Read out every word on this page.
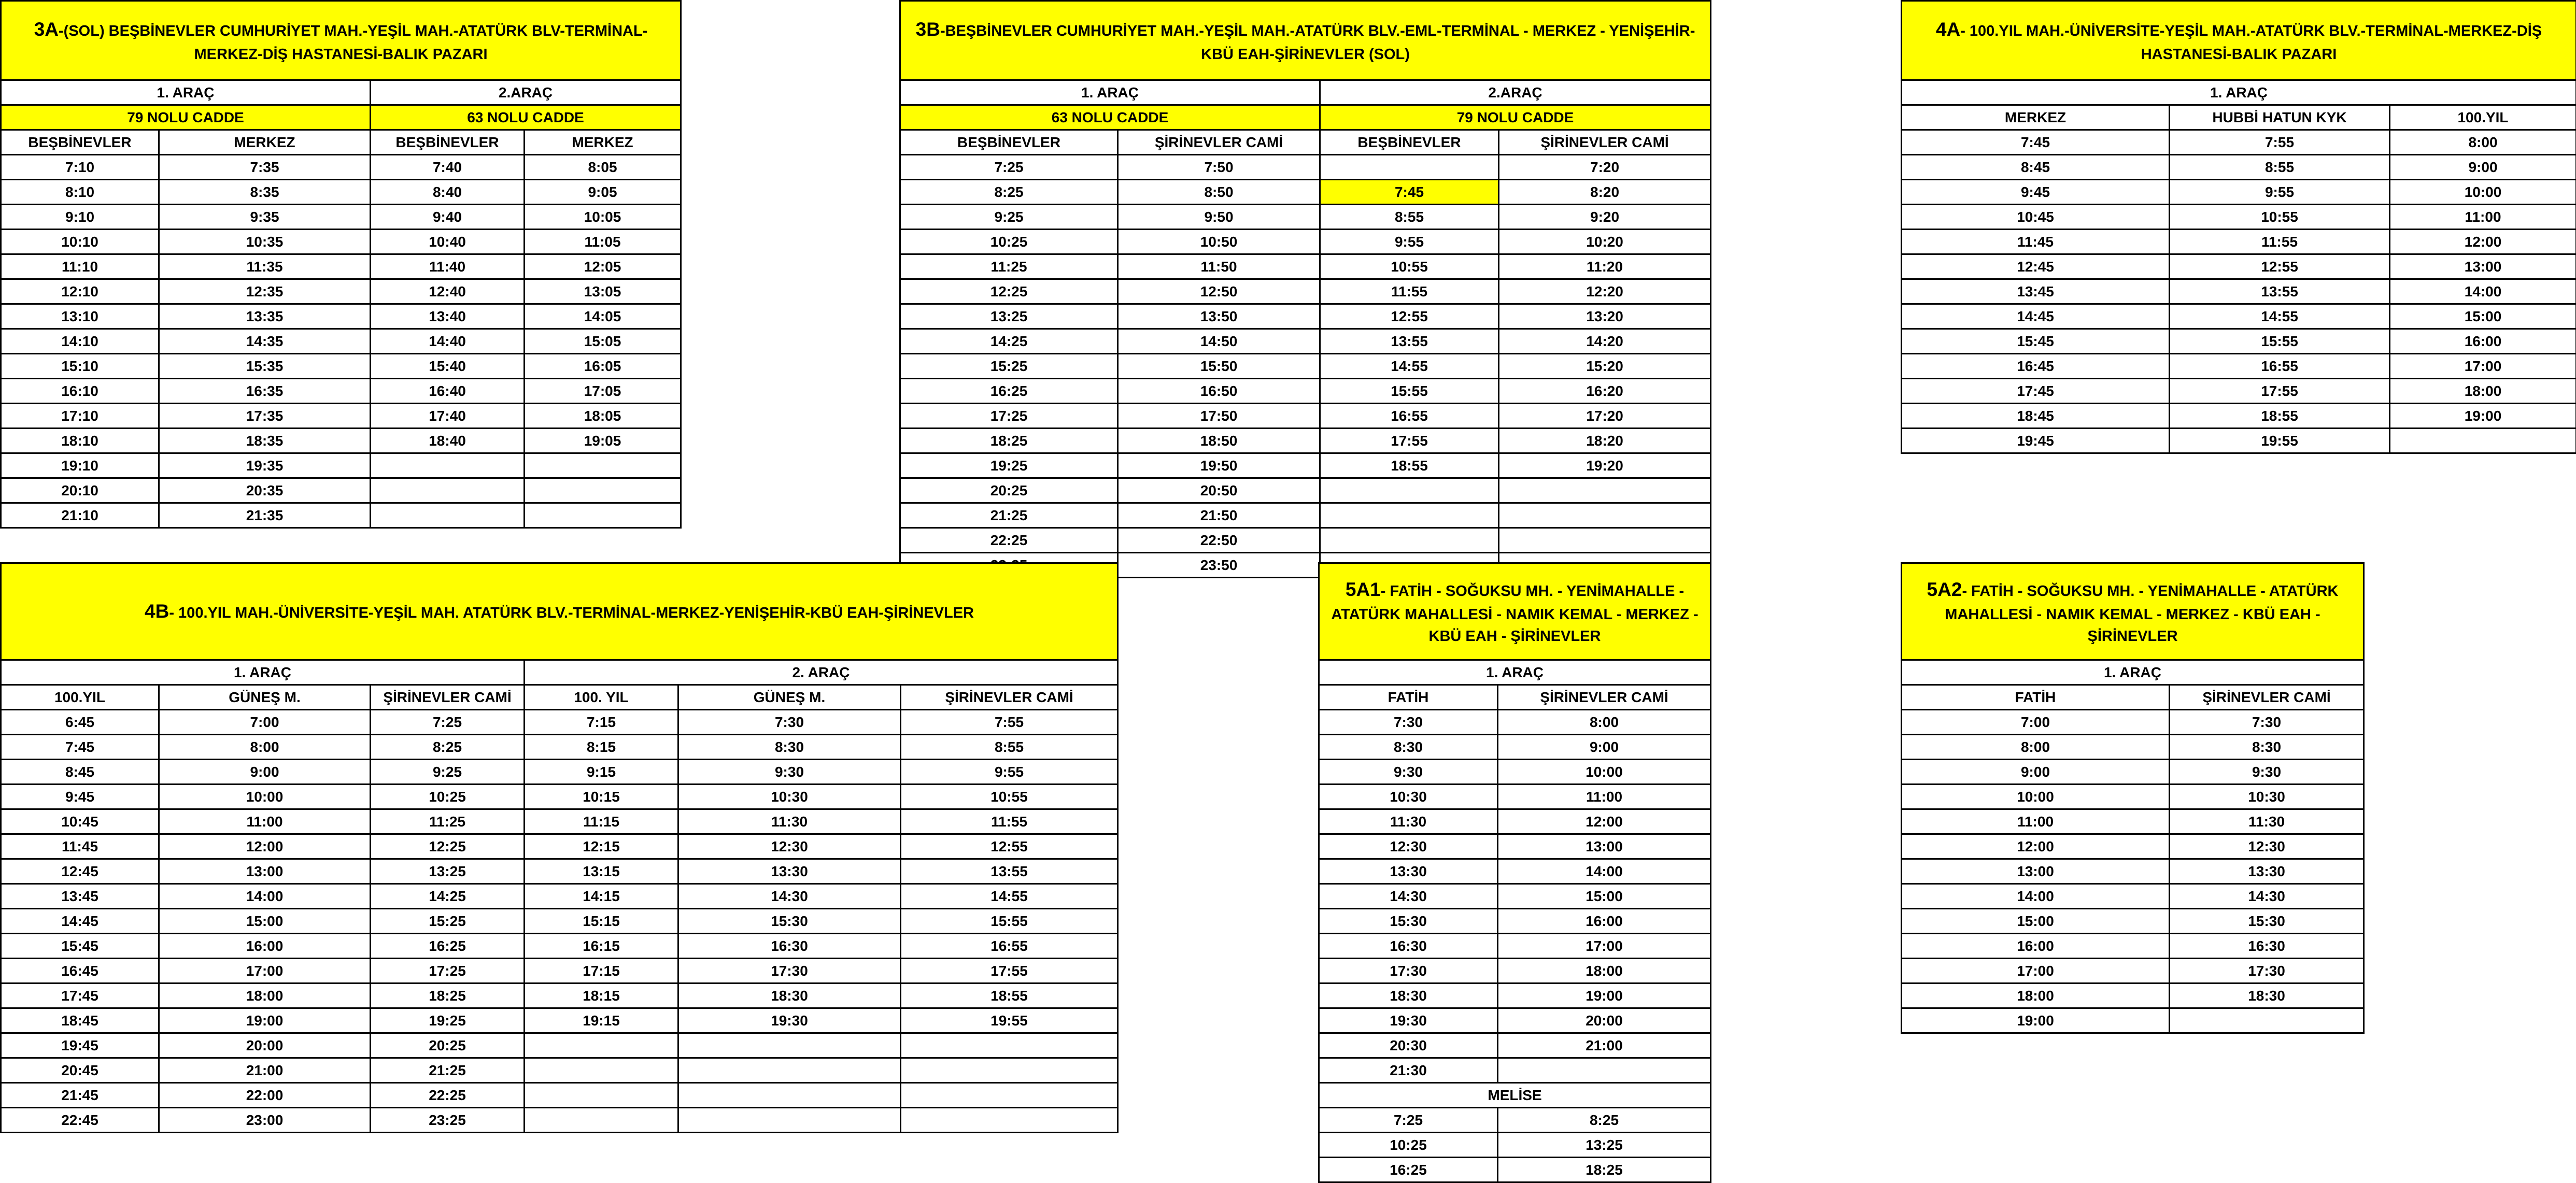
3A-(SOL) BEŞBİNEVLER CUMHURİYET MAH.-YEŞİL MAH.-ATATÜRK BLV-TERMİNAL-MERKEZ-DİŞ HASTANESİ-BALIK PAZARI			
1. ARAÇ		2.ARAÇ	
79 NOLU CADDE		63 NOLU CADDE	
BEŞBİNEVLER	MERKEZ	BEŞBİNEVLER	MERKEZ
7:10	7:35	7:40	8:05
8:10	8:35	8:40	9:05
9:10	9:35	9:40	10:05
10:10	10:35	10:40	11:05
11:10	11:35	11:40	12:05
12:10	12:35	12:40	13:05
13:10	13:35	13:40	14:05
14:10	14:35	14:40	15:05
15:10	15:35	15:40	16:05
16:10	16:35	16:40	17:05
17:10	17:35	17:40	18:05
18:10	18:35	18:40	19:05
19:10	19:35		
20:10	20:35		
21:10	21:35		
3B-BEŞBİNEVLER CUMHURİYET MAH.-YEŞİL MAH.-ATATÜRK BLV.-EML-TERMİNAL - MERKEZ - YENİŞEHİR-KBÜ EAH-ŞİRİNEVLER (SOL)			
1. ARAÇ		2.ARAÇ	
63 NOLU CADDE		79 NOLU CADDE	
BEŞBİNEVLER	ŞİRİNEVLER CAMİ	BEŞBİNEVLER	ŞİRİNEVLER CAMİ
7:25	7:50		7:20
8:25	8:50	7:45	8:20
9:25	9:50	8:55	9:20
10:25	10:50	9:55	10:20
11:25	11:50	10:55	11:20
12:25	12:50	11:55	12:20
13:25	13:50	12:55	13:20
14:25	14:50	13:55	14:20
15:25	15:50	14:55	15:20
16:25	16:50	15:55	16:20
17:25	17:50	16:55	17:20
18:25	18:50	17:55	18:20
19:25	19:50	18:55	19:20
20:25	20:50		
21:25	21:50		
22:25	22:50		
	23:50		
4A- 100.YIL MAH.-ÜNİVERSİTE-YEŞİL MAH.-ATATÜRK BLV.-TERMİNAL-MERKEZ-DİŞ HASTANESİ-BALIK PAZARI		
1. ARAÇ		
MERKEZ	HUBBİ HATUN KYK	100.YIL
7:45	7:55	8:00
8:45	8:55	9:00
9:45	9:55	10:00
10:45	10:55	11:00
11:45	11:55	12:00
12:45	12:55	13:00
13:45	13:55	14:00
14:45	14:55	15:00
15:45	15:55	16:00
16:45	16:55	17:00
17:45	17:55	18:00
18:45	18:55	19:00
19:45	19:55	
4B- 100.YIL MAH.-ÜNİVERSİTE-YEŞİL MAH. ATATÜRK BLV.-TERMİNAL-MERKEZ-YENİŞEHİR-KBÜ EAH-ŞİRİNEVLER					
1. ARAÇ			2. ARAÇ		
100.YIL	GÜNEŞ M.	ŞİRİNEVLER CAMİ	100. YIL	GÜNEŞ M.	ŞİRİNEVLER CAMİ
6:45	7:00	7:25	7:15	7:30	7:55
7:45	8:00	8:25	8:15	8:30	8:55
8:45	9:00	9:25	9:15	9:30	9:55
9:45	10:00	10:25	10:15	10:30	10:55
10:45	11:00	11:25	11:15	11:30	11:55
11:45	12:00	12:25	12:15	12:30	12:55
12:45	13:00	13:25	13:15	13:30	13:55
13:45	14:00	14:25	14:15	14:30	14:55
14:45	15:00	15:25	15:15	15:30	15:55
15:45	16:00	16:25	16:15	16:30	16:55
16:45	17:00	17:25	17:15	17:30	17:55
17:45	18:00	18:25	18:15	18:30	18:55
18:45	19:00	19:25	19:15	19:30	19:55
19:45	20:00	20:25			
20:45	21:00	21:25			
21:45	22:00	22:25			
22:45	23:00	23:25			
5A1- FATİH - SOĞUKSU MH. - YENİMAHALLE - ATATÜRK MAHALLESİ - NAMIK KEMAL - MERKEZ - KBÜ EAH - ŞİRİNEVLER	
1. ARAÇ	
FATİH	ŞİRİNEVLER CAMİ
7:30	8:00
8:30	9:00
9:30	10:00
10:30	11:00
11:30	12:00
12:30	13:00
13:30	14:00
14:30	15:00
15:30	16:00
16:30	17:00
17:30	18:00
18:30	19:00
19:30	20:00
20:30	21:00
21:30	
MELİSE	
7:25	8:25
10:25	13:25
16:25	18:25
5A2- FATİH - SOĞUKSU MH. - YENİMAHALLE - ATATÜRK MAHALLESİ - NAMIK KEMAL - MERKEZ - KBÜ EAH - ŞİRİNEVLER	
1. ARAÇ	
FATİH	ŞİRİNEVLER CAMİ
7:00	7:30
8:00	8:30
9:00	9:30
10:00	10:30
11:00	11:30
12:00	12:30
13:00	13:30
14:00	14:30
15:00	15:30
16:00	16:30
17:00	17:30
18:00	18:30
19:00	
